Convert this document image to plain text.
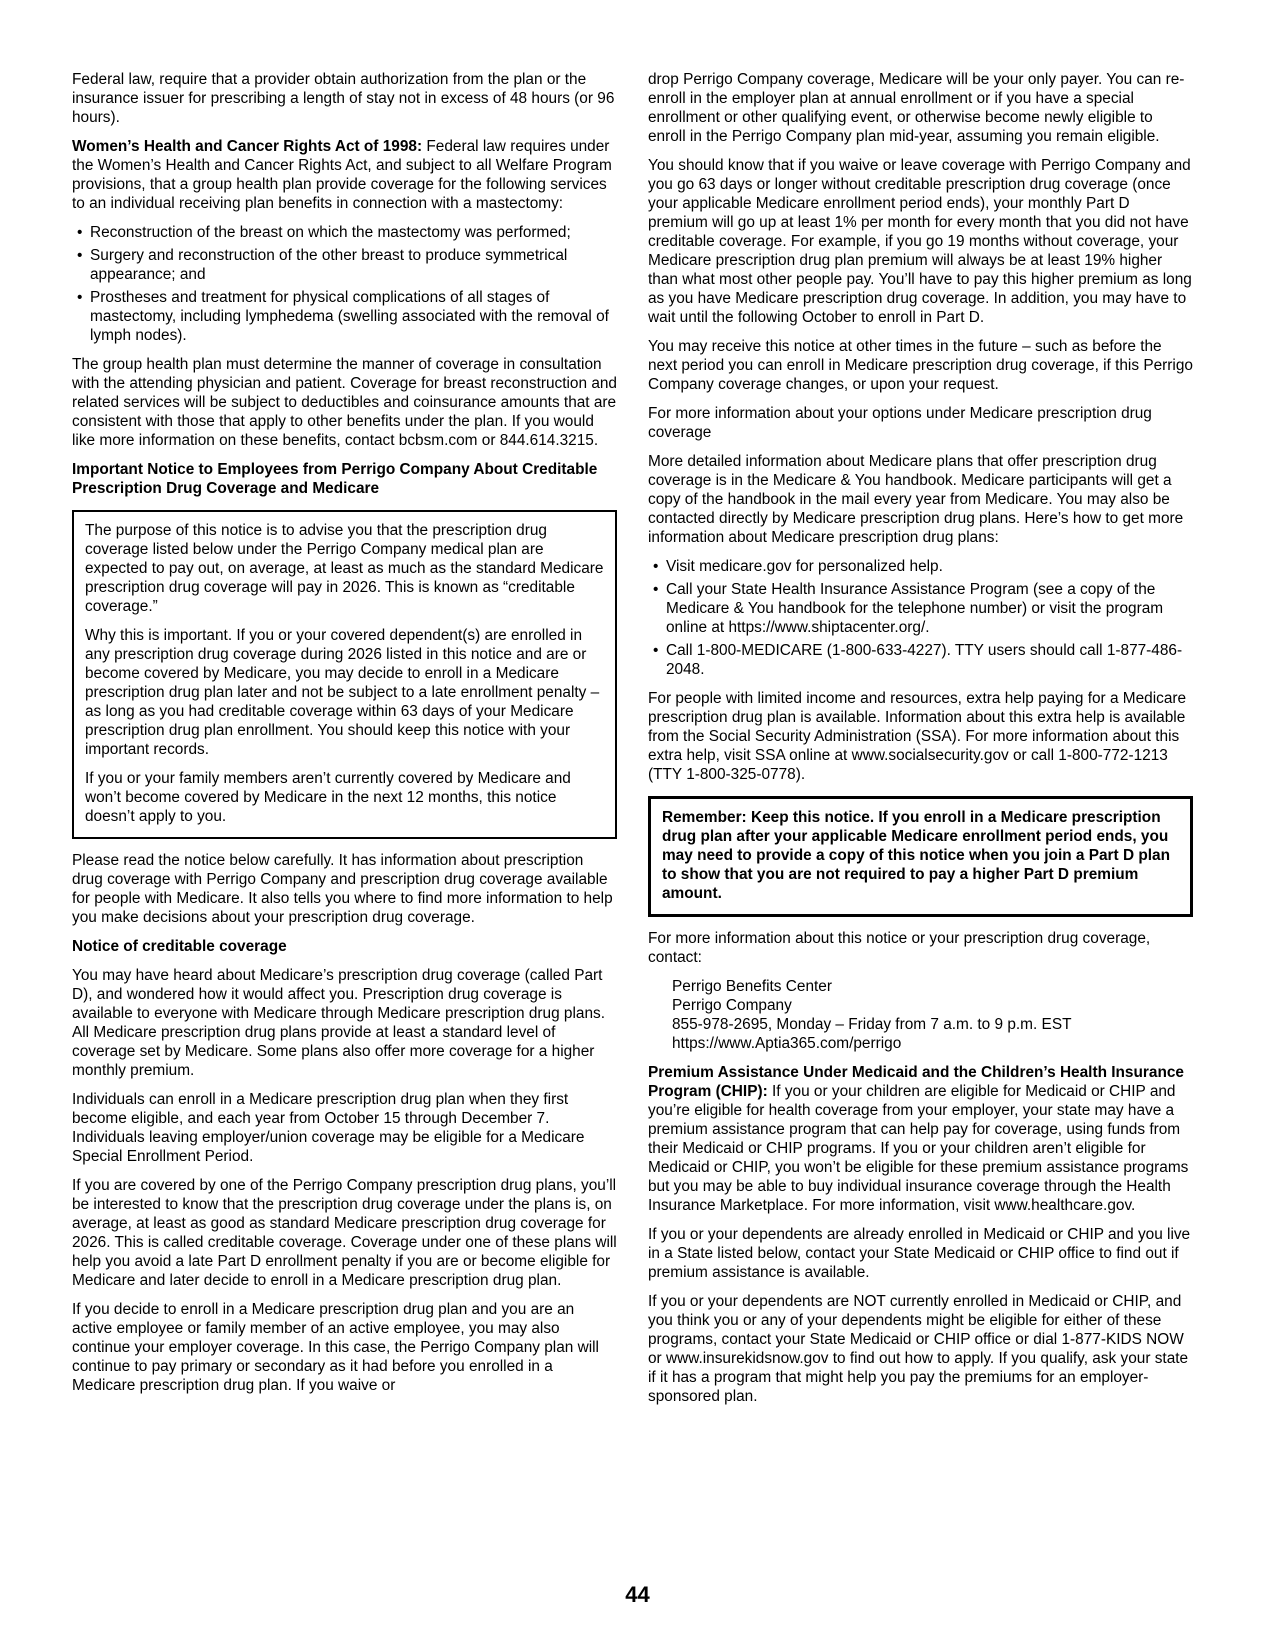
Federal law, require that a provider obtain authorization from the plan or the insurance issuer for prescribing a length of stay not in excess of 48 hours (or 96 hours).

Women’s Health and Cancer Rights Act of 1998: Federal law requires under the Women’s Health and Cancer Rights Act, and subject to all Welfare Program provisions, that a group health plan provide coverage for the following services to an individual receiving plan benefits in connection with a mastectomy:

• Reconstruction of the breast on which the mastectomy was performed;
• Surgery and reconstruction of the other breast to produce symmetrical appearance; and
• Prostheses and treatment for physical complications of all stages of mastectomy, including lymphedema (swelling associated with the removal of lymph nodes).

The group health plan must determine the manner of coverage in consultation with the attending physician and patient. Coverage for breast reconstruction and related services will be subject to deductibles and coinsurance amounts that are consistent with those that apply to other benefits under the plan. If you would like more information on these benefits, contact bcbsm.com or 844.614.3215.

Important Notice to Employees from Perrigo Company About Creditable Prescription Drug Coverage and Medicare

The purpose of this notice is to advise you that the prescription drug coverage listed below under the Perrigo Company medical plan are expected to pay out, on average, at least as much as the standard Medicare prescription drug coverage will pay in 2026. This is known as “creditable coverage.”

Why this is important. If you or your covered dependent(s) are enrolled in any prescription drug coverage during 2026 listed in this notice and are or become covered by Medicare, you may decide to enroll in a Medicare prescription drug plan later and not be subject to a late enrollment penalty – as long as you had creditable coverage within 63 days of your Medicare prescription drug plan enrollment. You should keep this notice with your important records.

If you or your family members aren’t currently covered by Medicare and won’t become covered by Medicare in the next 12 months, this notice doesn’t apply to you.

Please read the notice below carefully. It has information about prescription drug coverage with Perrigo Company and prescription drug coverage available for people with Medicare. It also tells you where to find more information to help you make decisions about your prescription drug coverage.

Notice of creditable coverage

You may have heard about Medicare’s prescription drug coverage (called Part D), and wondered how it would affect you. Prescription drug coverage is available to everyone with Medicare through Medicare prescription drug plans. All Medicare prescription drug plans provide at least a standard level of coverage set by Medicare. Some plans also offer more coverage for a higher monthly premium.

Individuals can enroll in a Medicare prescription drug plan when they first become eligible, and each year from October 15 through December 7. Individuals leaving employer/union coverage may be eligible for a Medicare Special Enrollment Period.

If you are covered by one of the Perrigo Company prescription drug plans, you’ll be interested to know that the prescription drug coverage under the plans is, on average, at least as good as standard Medicare prescription drug coverage for 2026. This is called creditable coverage. Coverage under one of these plans will help you avoid a late Part D enrollment penalty if you are or become eligible for Medicare and later decide to enroll in a Medicare prescription drug plan.

If you decide to enroll in a Medicare prescription drug plan and you are an active employee or family member of an active employee, you may also continue your employer coverage. In this case, the Perrigo Company plan will continue to pay primary or secondary as it had before you enrolled in a Medicare prescription drug plan. If you waive or

drop Perrigo Company coverage, Medicare will be your only payer. You can re-enroll in the employer plan at annual enrollment or if you have a special enrollment or other qualifying event, or otherwise become newly eligible to enroll in the Perrigo Company plan mid-year, assuming you remain eligible.

You should know that if you waive or leave coverage with Perrigo Company and you go 63 days or longer without creditable prescription drug coverage (once your applicable Medicare enrollment period ends), your monthly Part D premium will go up at least 1% per month for every month that you did not have creditable coverage. For example, if you go 19 months without coverage, your Medicare prescription drug plan premium will always be at least 19% higher than what most other people pay. You’ll have to pay this higher premium as long as you have Medicare prescription drug coverage. In addition, you may have to wait until the following October to enroll in Part D.

You may receive this notice at other times in the future – such as before the next period you can enroll in Medicare prescription drug coverage, if this Perrigo Company coverage changes, or upon your request.

For more information about your options under Medicare prescription drug coverage

More detailed information about Medicare plans that offer prescription drug coverage is in the Medicare & You handbook. Medicare participants will get a copy of the handbook in the mail every year from Medicare. You may also be contacted directly by Medicare prescription drug plans. Here’s how to get more information about Medicare prescription drug plans:

• Visit medicare.gov for personalized help.
• Call your State Health Insurance Assistance Program (see a copy of the Medicare & You handbook for the telephone number) or visit the program online at https://www.shiptacenter.org/.
• Call 1-800-MEDICARE (1-800-633-4227). TTY users should call 1-877-486-2048.

For people with limited income and resources, extra help paying for a Medicare prescription drug plan is available. Information about this extra help is available from the Social Security Administration (SSA). For more information about this extra help, visit SSA online at www.socialsecurity.gov or call 1-800-772-1213 (TTY 1-800-325-0778).

Remember: Keep this notice. If you enroll in a Medicare prescription drug plan after your applicable Medicare enrollment period ends, you may need to provide a copy of this notice when you join a Part D plan to show that you are not required to pay a higher Part D premium amount.

For more information about this notice or your prescription drug coverage, contact:

Perrigo Benefits Center
Perrigo Company
855-978-2695, Monday – Friday from 7 a.m. to 9 p.m. EST
https://www.Aptia365.com/perrigo

Premium Assistance Under Medicaid and the Children’s Health Insurance Program (CHIP): If you or your children are eligible for Medicaid or CHIP and you’re eligible for health coverage from your employer, your state may have a premium assistance program that can help pay for coverage, using funds from their Medicaid or CHIP programs. If you or your children aren’t eligible for Medicaid or CHIP, you won’t be eligible for these premium assistance programs but you may be able to buy individual insurance coverage through the Health Insurance Marketplace. For more information, visit www.healthcare.gov.

If you or your dependents are already enrolled in Medicaid or CHIP and you live in a State listed below, contact your State Medicaid or CHIP office to find out if premium assistance is available.

If you or your dependents are NOT currently enrolled in Medicaid or CHIP, and you think you or any of your dependents might be eligible for either of these programs, contact your State Medicaid or CHIP office or dial 1-877-KIDS NOW or www.insurekidsnow.gov to find out how to apply. If you qualify, ask your state if it has a program that might help you pay the premiums for an employer-sponsored plan.

44
